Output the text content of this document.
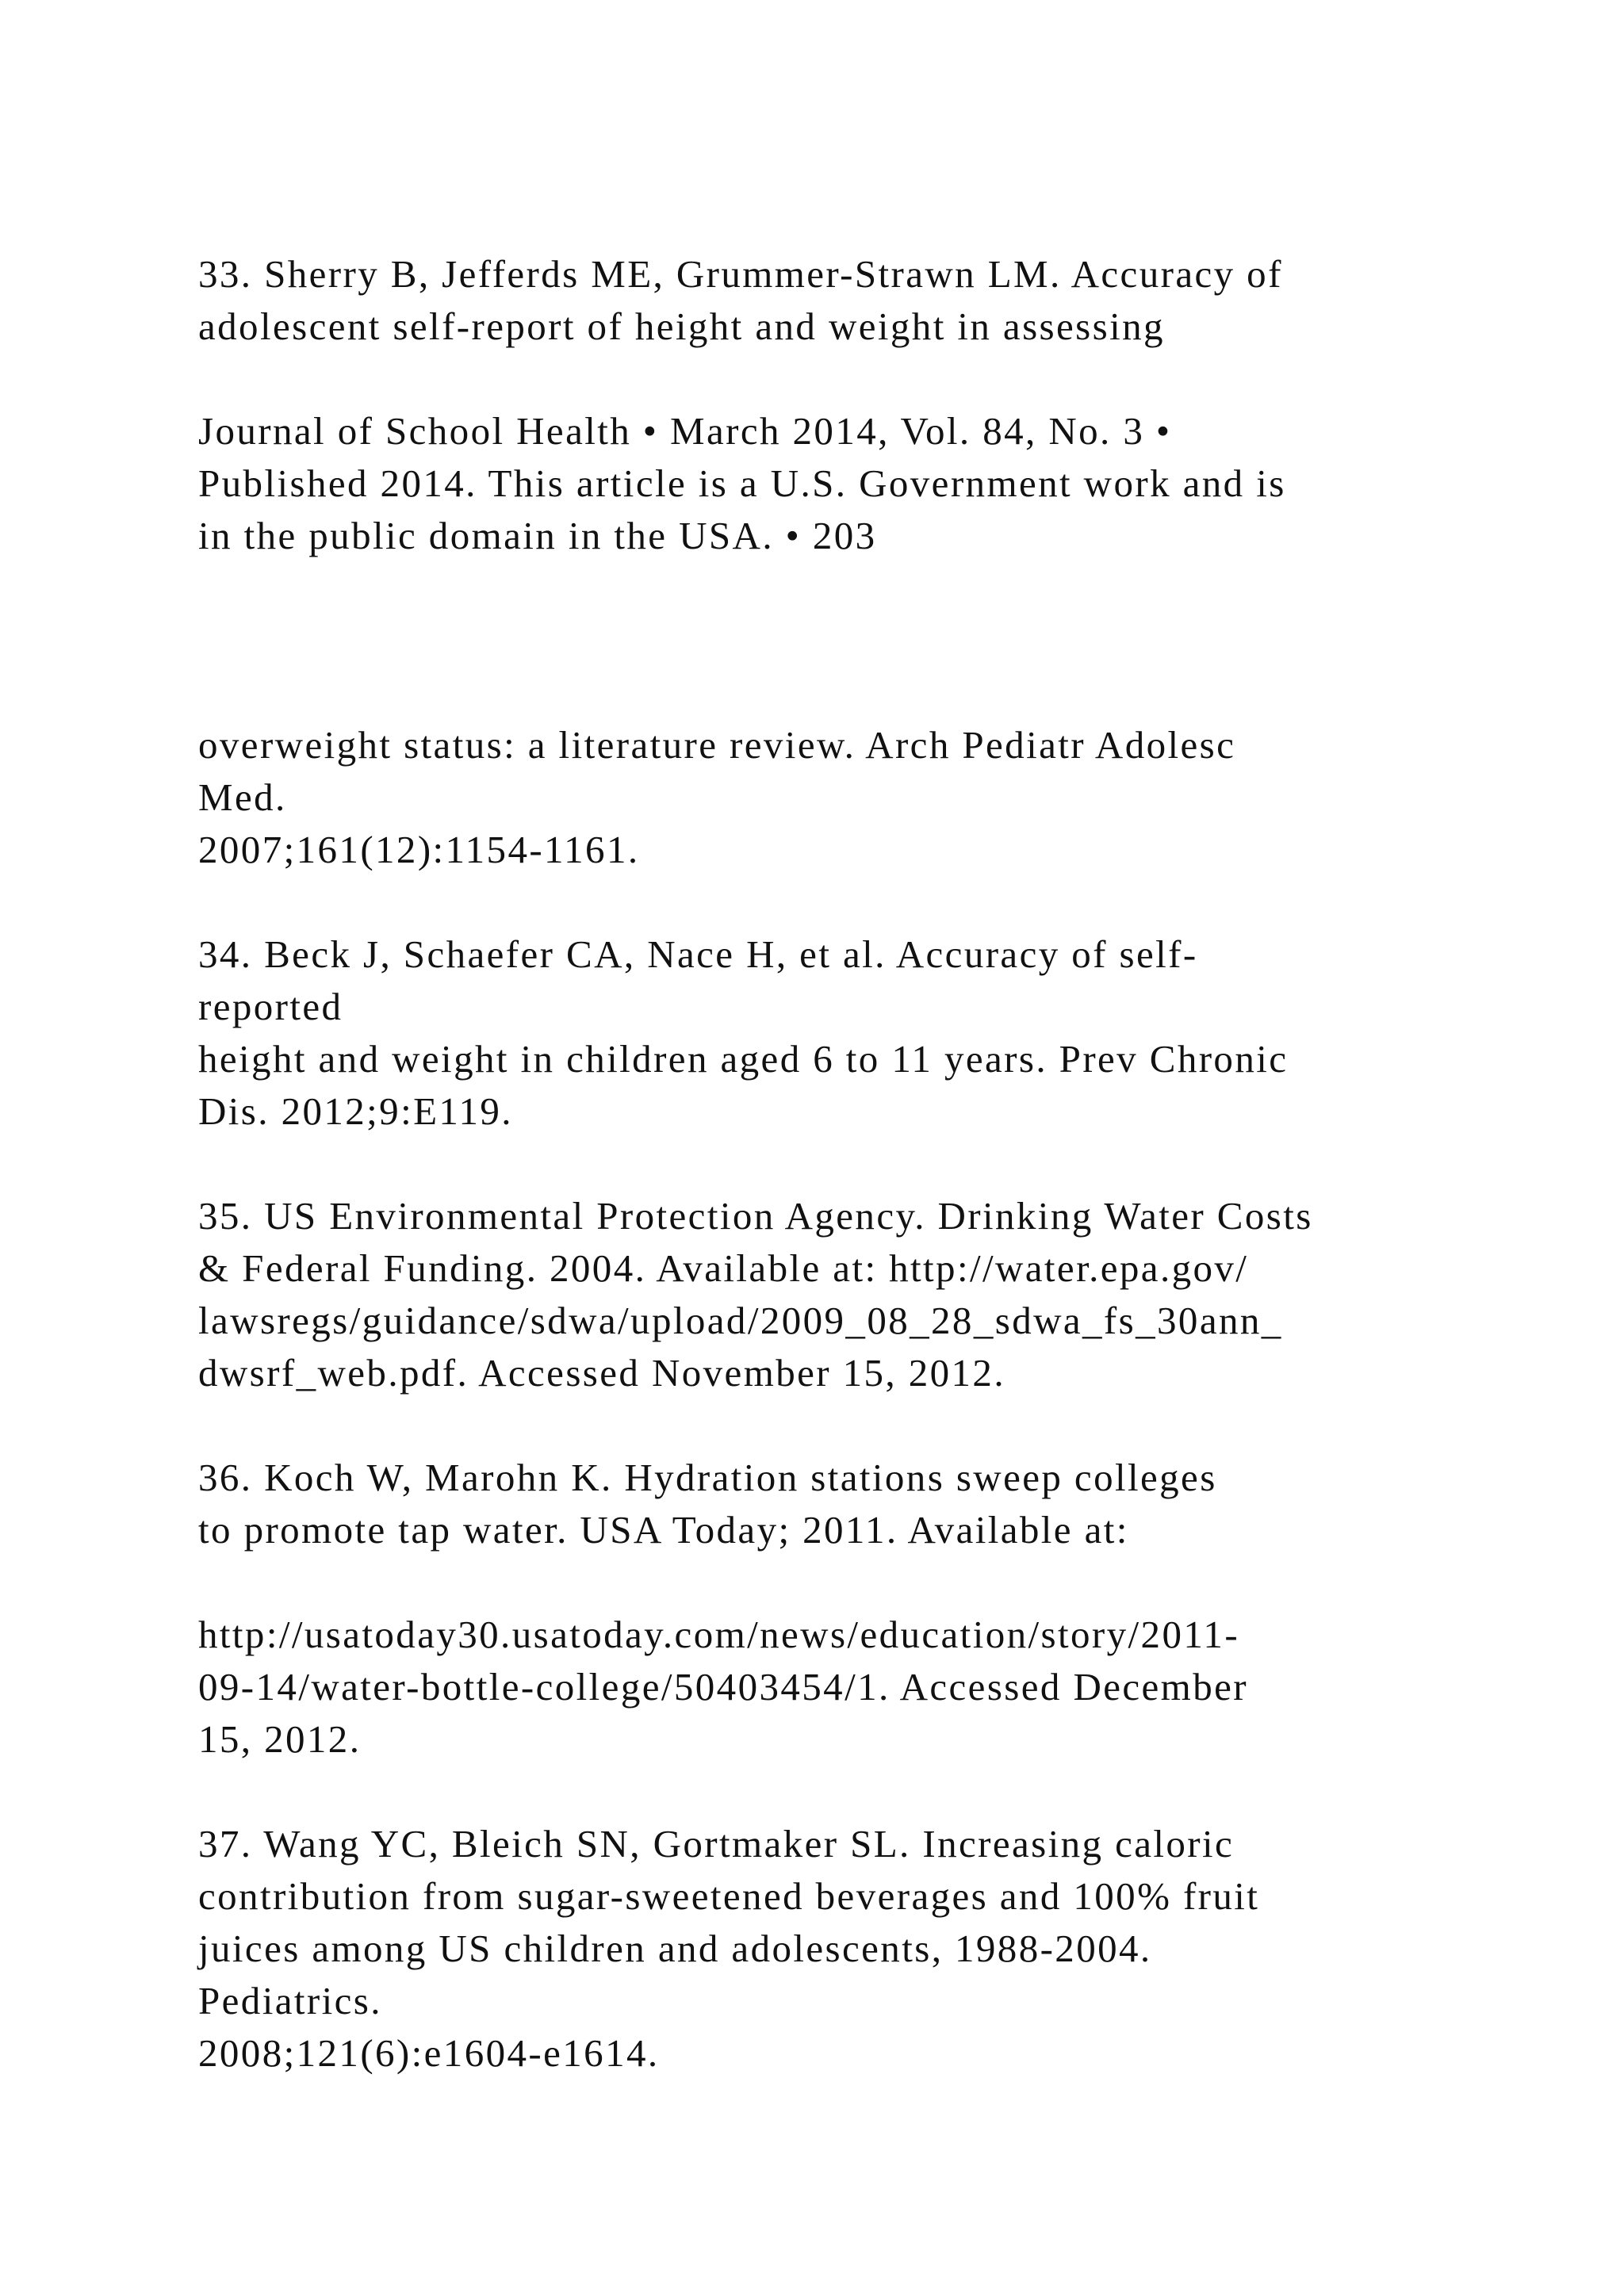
33. Sherry B, Jefferds ME, Grummer-Strawn LM. Accuracy of

adolescent self-report of height and weight in assessing

Journal of School Health • March 2014, Vol. 84, No. 3 •

Published 2014. This article is a U.S. Government work and is

in the public domain in the USA. • 203

overweight status: a literature review. Arch Pediatr Adolesc

Med.

2007;161(12):1154-1161.

34. Beck J, Schaefer CA, Nace H, et al. Accuracy of self-

reported

height and weight in children aged 6 to 11 years. Prev Chronic

Dis. 2012;9:E119.

35. US Environmental Protection Agency. Drinking Water Costs

& Federal Funding. 2004. Available at: http://water.epa.gov/

lawsregs/guidance/sdwa/upload/2009_08_28_sdwa_fs_30ann_

dwsrf_web.pdf. Accessed November 15, 2012.

36. Koch W, Marohn K. Hydration stations sweep colleges

to promote tap water. USA Today; 2011. Available at:

http://usatoday30.usatoday.com/news/education/story/2011-

09-14/water-bottle-college/50403454/1. Accessed December

15, 2012.

37. Wang YC, Bleich SN, Gortmaker SL. Increasing caloric

contribution from sugar-sweetened beverages and 100% fruit

juices among US children and adolescents, 1988-2004.

Pediatrics.

2008;121(6):e1604-e1614.
